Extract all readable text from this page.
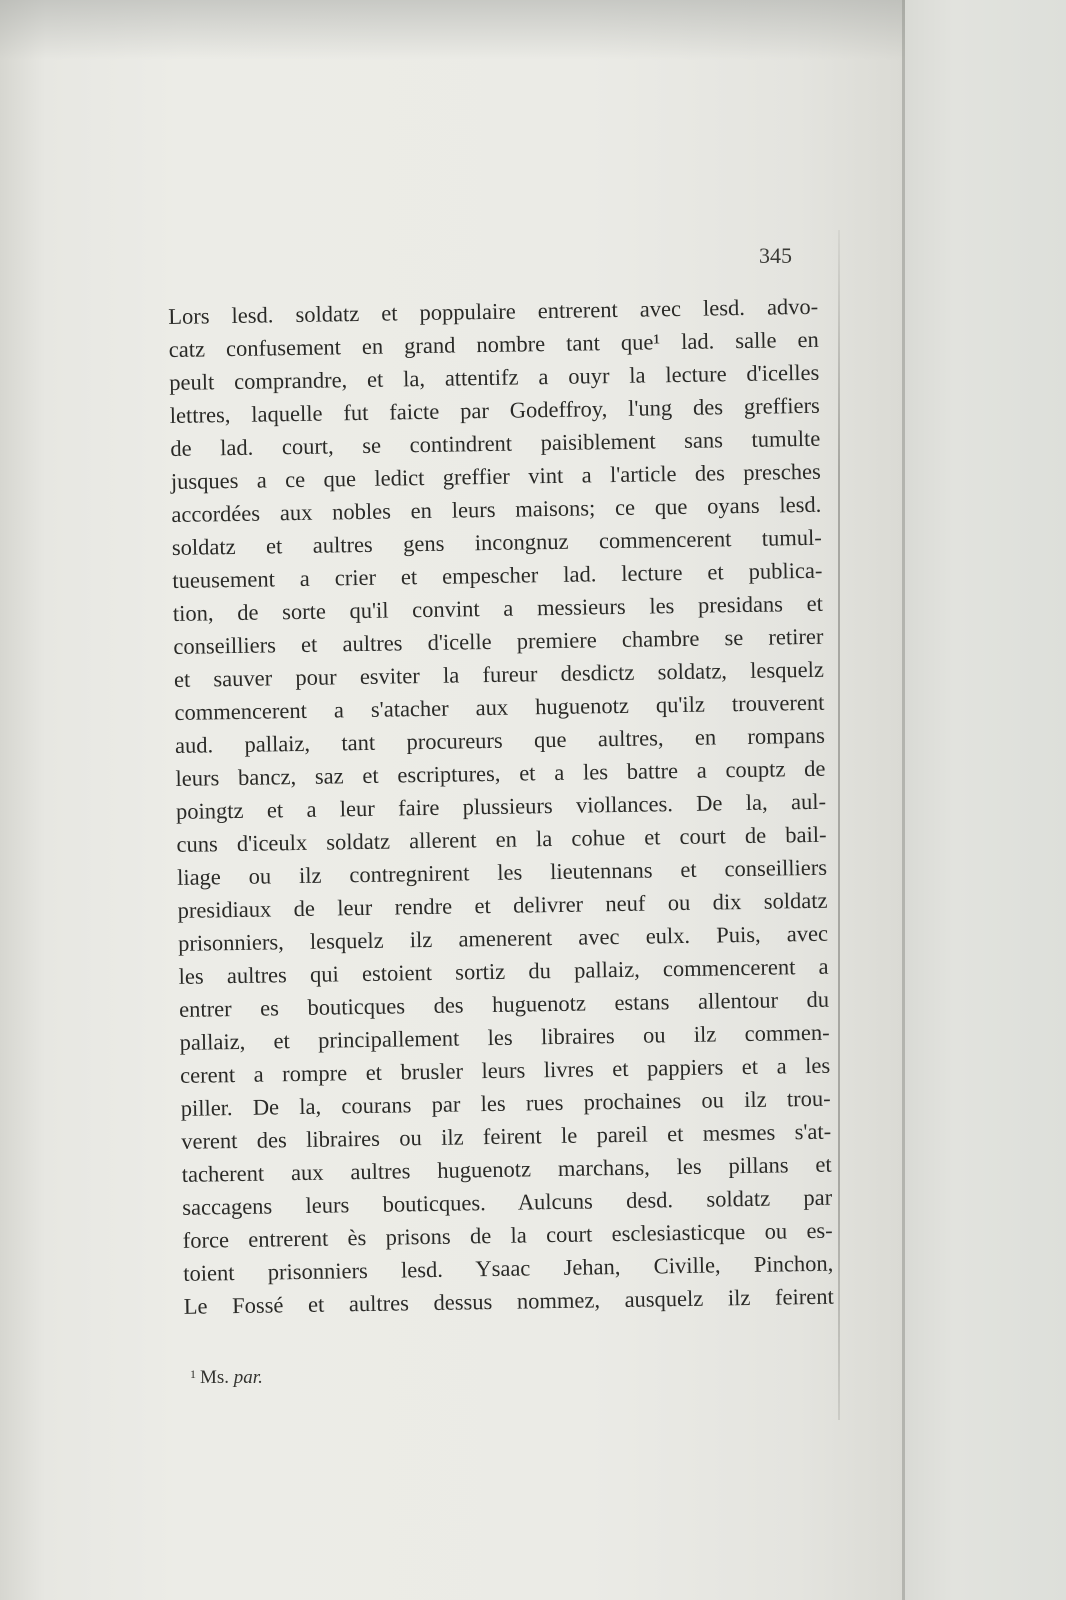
345
Lors lesd. soldatz et poppulaire entrerent avec lesd. advo-
catz confusement en grand nombre tant que¹ lad. salle en
peult comprandre, et la, attentifz a ouyr la lecture d'icelles
lettres, laquelle fut faicte par Godeffroy, l'ung des greffiers
de lad. court, se contindrent paisiblement sans tumulte
jusques a ce que ledict greffier vint a l'article des presches
accordées aux nobles en leurs maisons; ce que oyans lesd.
soldatz et aultres gens incongnuz commencerent tumul-
tueusement a crier et empescher lad. lecture et publica-
tion, de sorte qu'il convint a messieurs les presidans et
conseilliers et aultres d'icelle premiere chambre se retirer
et sauver pour esviter la fureur desdictz soldatz, lesquelz
commencerent a s'atacher aux huguenotz qu'ilz trouverent
aud. pallaiz, tant procureurs que aultres, en rompans
leurs bancz, saz et escriptures, et a les battre a couptz de
poingtz et a leur faire plussieurs viollances. De la, aul-
cuns d'iceulx soldatz allerent en la cohue et court de bail-
liage ou ilz contregnirent les lieutennans et conseilliers
presidiaux de leur rendre et delivrer neuf ou dix soldatz
prisonniers, lesquelz ilz amenerent avec eulx. Puis, avec
les aultres qui estoient sortiz du pallaiz, commencerent a
entrer es bouticques des huguenotz estans allentour du
pallaiz, et principallement les libraires ou ilz commen-
cerent a rompre et brusler leurs livres et pappiers et a les
piller. De la, courans par les rues prochaines ou ilz trou-
verent des libraires ou ilz feirent le pareil et mesmes s'at-
tacherent aux aultres huguenotz marchans, les pillans et
saccagens leurs bouticques. Aulcuns desd. soldatz par
force entrerent ès prisons de la court esclesiasticque ou es-
toient prisonniers lesd. Ysaac Jehan, Civille, Pinchon,
Le Fossé et aultres dessus nommez, ausquelz ilz feirent
$^1$ Ms. par.
